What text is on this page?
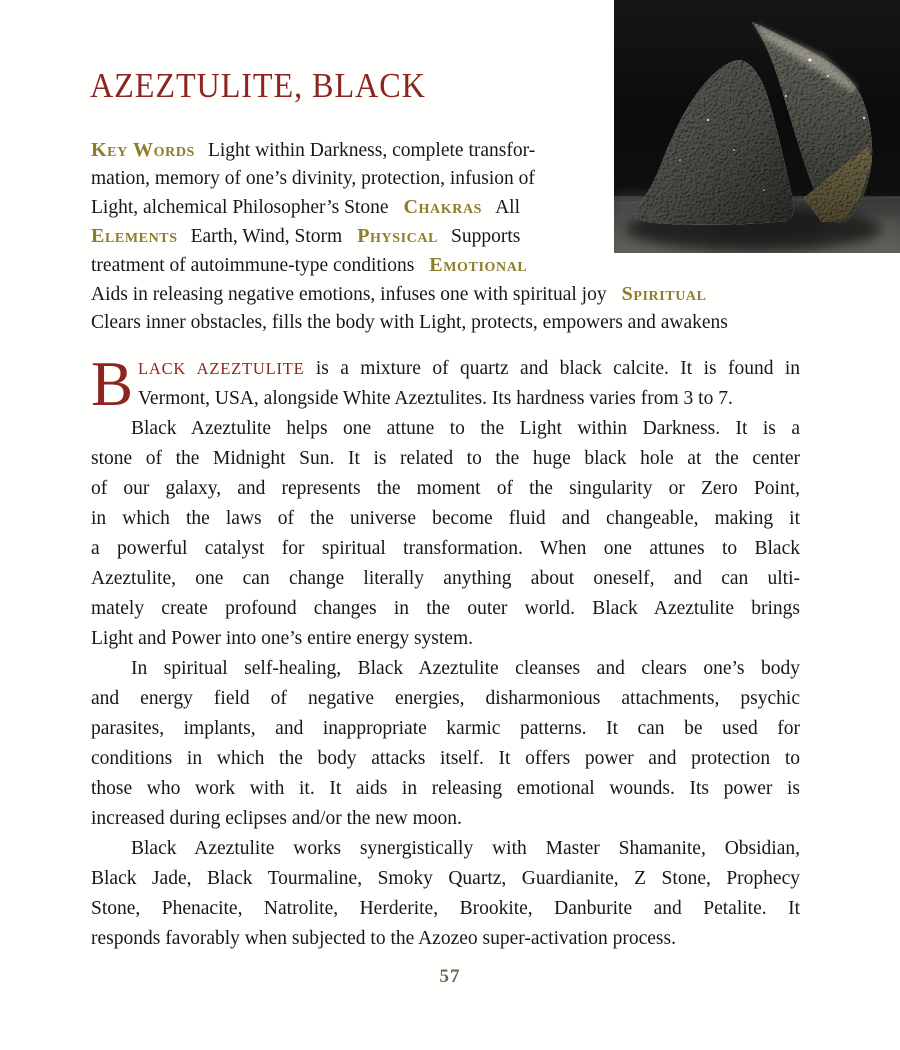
AZEZTULITE, BLACK
Key Words Light within Darkness, complete transfor-
mation, memory of one’s divinity, protection, infusion of
Light, alchemical Philosopher’s Stone Chakras All
Elements Earth, Wind, Storm Physical Supports
treatment of autoimmune-type conditions Emotional
Aids in releasing negative emotions, infuses one with spiritual joy Spiritual
Clears inner obstacles, fills the body with Light, protects, empowers and awakens
B LACK AZEZTULITE is a mixture of quartz and black calcite. It is found in
Vermont, USA, alongside White Azeztulites. Its hardness varies from 3 to 7.
Black Azeztulite helps one attune to the Light within Darkness. It is a
stone of the Midnight Sun. It is related to the huge black hole at the center
of our galaxy, and represents the moment of the singularity or Zero Point,
in which the laws of the universe become fluid and changeable, making it
a powerful catalyst for spiritual transformation. When one attunes to Black
Azeztulite, one can change literally anything about oneself, and can ulti-
mately create profound changes in the outer world. Black Azeztulite brings
Light and Power into one’s entire energy system.
In spiritual self-healing, Black Azeztulite cleanses and clears one’s body
and energy field of negative energies, disharmonious attachments, psychic
parasites, implants, and inappropriate karmic patterns. It can be used for
conditions in which the body attacks itself. It offers power and protection to
those who work with it. It aids in releasing emotional wounds. Its power is
increased during eclipses and/or the new moon.
Black Azeztulite works synergistically with Master Shamanite, Obsidian,
Black Jade, Black Tourmaline, Smoky Quartz, Guardianite, Z Stone, Prophecy
Stone, Phenacite, Natrolite, Herderite, Brookite, Danburite and Petalite. It
responds favorably when subjected to the Azozeo super-activation process.
57
